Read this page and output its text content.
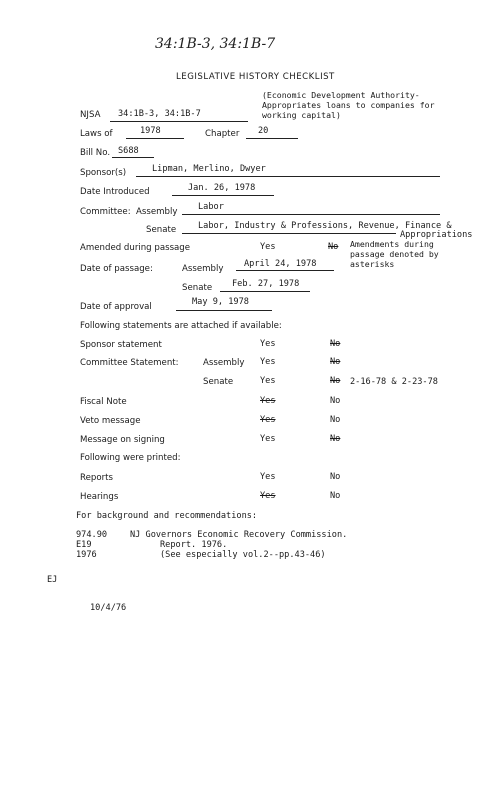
34:1B-3, 34:1B-7
LEGISLATIVE HISTORY CHECKLIST
(Economic Development Authority-
Appropriates loans to companies for
working capital)
NJSA 34:1B-3, 34:1B-7
Laws of	1978	Chapter 20
Bill No. S688
Sponsor(s)	Lipman, Merlino, Dwyer
Date Introduced	Jan. 26, 1978
Committee: Assembly Labor
Senate	Labor, Industry & Professions, Revenue, Finance &
Appropriations
Amended during passage	Yes	No Amendments during
passage denoted by
asterisks
Date of passage:	Assembly April 24, 1978
Senate Feb. 27, 1978
Date of approval	May 9, 1978
Following statements are attached if available:
Sponsor statement	Yes	No
Committee Statement:	Assembly Yes	No
Senate	Yes	No 2-16-78 & 2-23-78
Fiscal Note	Yes	No
Veto message	Yes	No
Message on signing	Yes	No
Following were printed:
Reports	Yes	No
Hearings	Yes	No
For background and recommendations:
974.90	NJ Governors Economic Recovery Commission.
E19	Report. 1976.
1976	(See especially vol.2--pp.43-46)
EJ
10/4/76
